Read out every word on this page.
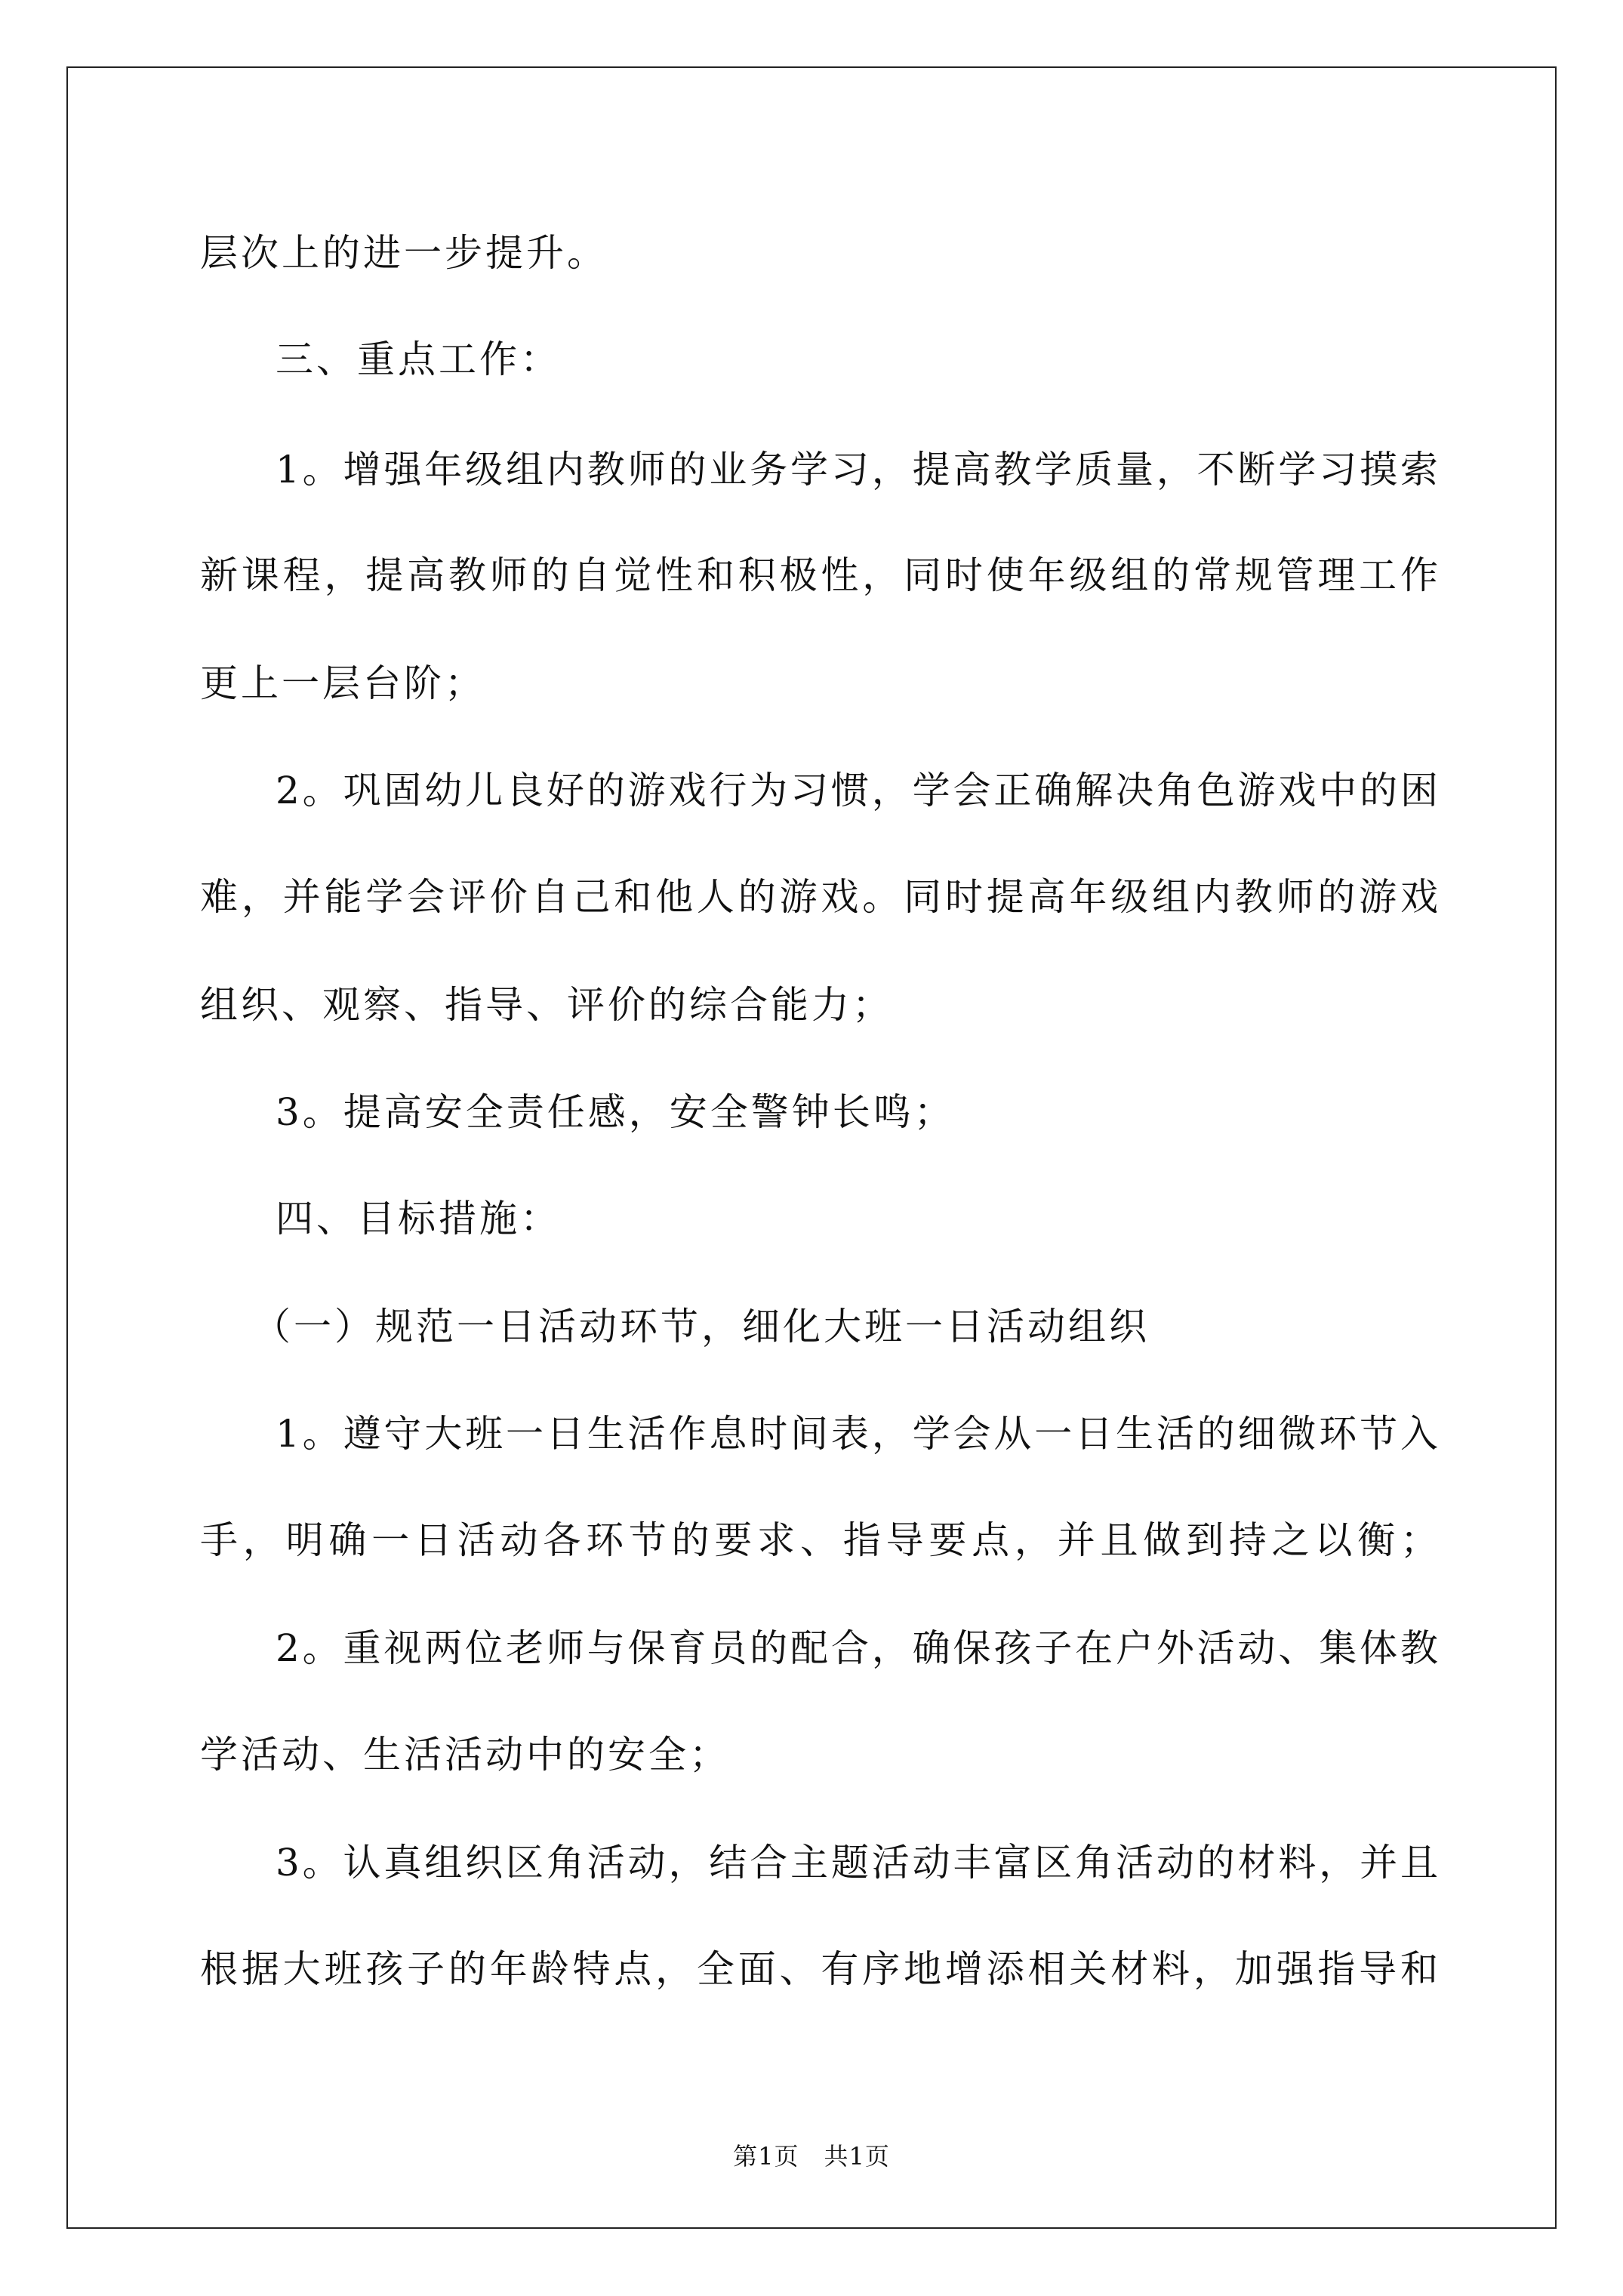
层次上的进一步提升。
三、重点工作：
1。增强年级组内教师的业务学习，提高教学质量，不断学习摸索
新课程，提高教师的自觉性和积极性，同时使年级组的常规管理工作
更上一层台阶；
2。巩固幼儿良好的游戏行为习惯，学会正确解决角色游戏中的困
难，并能学会评价自己和他人的游戏。同时提高年级组内教师的游戏
组织、观察、指导、评价的综合能力；
3。提高安全责任感，安全警钟长鸣；
四、目标措施：
（一）规范一日活动环节，细化大班一日活动组织
1。遵守大班一日生活作息时间表，学会从一日生活的细微环节入
手，明确一日活动各环节的要求、指导要点，并且做到持之以衡；
2。重视两位老师与保育员的配合，确保孩子在户外活动、集体教
学活动、生活活动中的安全；
3。认真组织区角活动，结合主题活动丰富区角活动的材料，并且
根据大班孩子的年龄特点，全面、有序地增添相关材料，加强指导和
第1页　共1页
